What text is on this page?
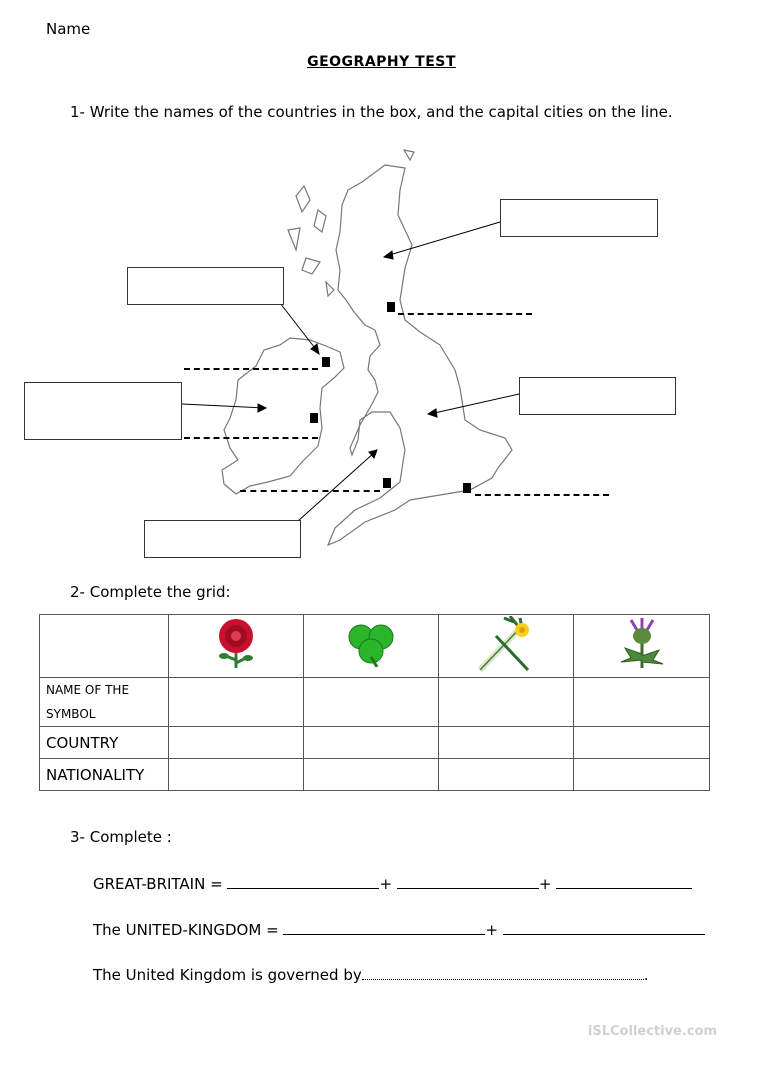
Name
GEOGRAPHY TEST
1- Write the names of the countries in the box, and the capital cities on the line.
2- Complete the grid:

NAME OF THE SYMBOL				
COUNTRY				
NATIONALITY				
3- Complete :
GREAT-BRITAIN =	+	+
The UNITED-KINGDOM =	+
The United Kingdom is governed by	.
iSLCollective.com
